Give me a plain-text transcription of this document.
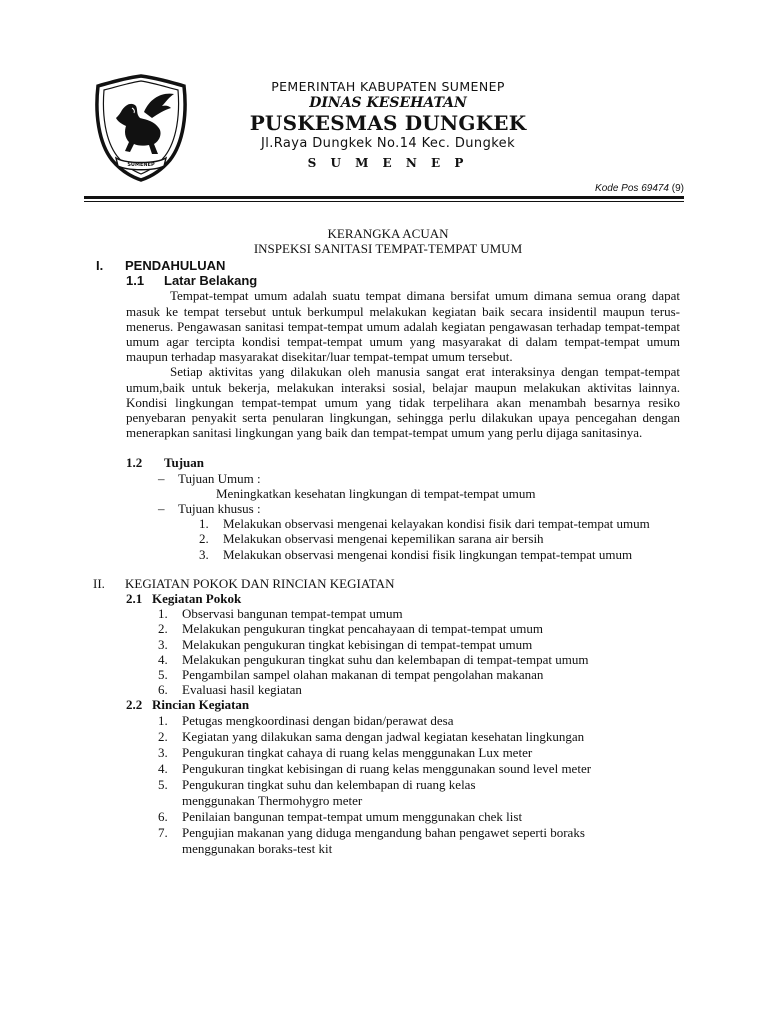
SUMENEP
PEMERINTAH KABUPATEN SUMENEP
DINAS KESEHATAN
PUSKESMAS DUNGKEK
Jl.Raya Dungkek No.14 Kec. Dungkek
S U M E N E P
Kode Pos 69474 (9)
KERANGKA ACUAN
INSPEKSI SANITASI TEMPAT-TEMPAT UMUM
I.	PENDAHULUAN
1.1	Latar Belakang

Tempat-tempat umum adalah suatu tempat dimana bersifat umum dimana semua orang dapat masuk ke tempat tersebut untuk berkumpul melakukan kegiatan baik secara insidentil maupun terus-menerus. Pengawasan sanitasi tempat-tempat umum adalah kegiatan pengawasan terhadap tempat-tempat umum agar tercipta kondisi tempat-tempat umum yang masyarakat di dalam tempat-tempat umum maupun terhadap masyarakat disekitar/luar tempat-tempat umum tersebut.

Setiap aktivitas yang dilakukan oleh manusia sangat erat interaksinya dengan tempat-tempat umum,baik untuk bekerja, melakukan interaksi sosial, belajar maupun melakukan aktivitas lainnya. Kondisi lingkungan tempat-tempat umum yang tidak terpelihara akan menambah besarnya resiko penyebaran penyakit serta penularan lingkungan, sehingga perlu dilakukan upaya pencegahan dengan menerapkan sanitasi lingkungan yang baik dan tempat-tempat umum yang perlu dijaga sanitasinya.

1.2	Tujuan
–	Tujuan Umum :
Meningkatkan kesehatan lingkungan di tempat-tempat umum
–	Tujuan khusus :
1.	Melakukan observasi mengenai kelayakan kondisi fisik dari tempat-tempat umum
2.	Melakukan observasi mengenai kepemilikan sarana air bersih
3.	Melakukan observasi mengenai kondisi fisik lingkungan tempat-tempat umum
II.	KEGIATAN POKOK DAN RINCIAN KEGIATAN
2.1 Kegiatan Pokok
1.	Observasi bangunan tempat-tempat umum
2.	Melakukan pengukuran tingkat pencahayaan di tempat-tempat umum
3.	Melakukan pengukuran tingkat kebisingan di tempat-tempat umum
4.	Melakukan pengukuran tingkat suhu dan kelembapan di tempat-tempat umum
5.	Pengambilan sampel olahan makanan di tempat pengolahan makanan
6.	Evaluasi hasil kegiatan
2.2 Rincian Kegiatan
1.	Petugas mengkoordinasi dengan bidan/perawat desa
2.	Kegiatan yang dilakukan sama dengan jadwal kegiatan kesehatan lingkungan
3.	Pengukuran tingkat cahaya di ruang kelas menggunakan Lux meter
4.	Pengukuran tingkat kebisingan di ruang kelas menggunakan sound level meter
5.	Pengukuran tingkat suhu dan kelembapan di ruang kelas menggunakan Thermohygro meter
6.	Penilaian bangunan tempat-tempat umum menggunakan chek list
7.	Pengujian makanan yang diduga mengandung bahan pengawet seperti boraks menggunakan boraks-test kit
